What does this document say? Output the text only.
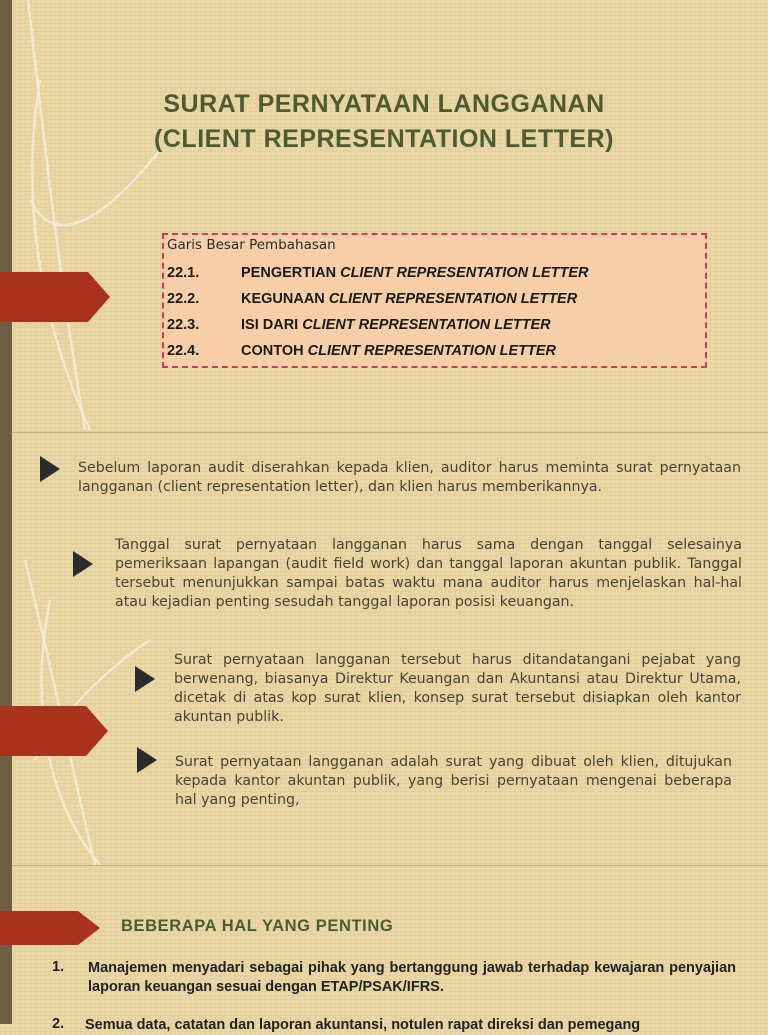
SURAT PERNYATAAN LANGGANAN
(CLIENT REPRESENTATION LETTER)
Garis Besar Pembahasan
22.1.	PENGERTIAN CLIENT REPRESENTATION LETTER
22.2.	KEGUNAAN CLIENT REPRESENTATION LETTER
22.3.	ISI DARI CLIENT REPRESENTATION LETTER
22.4.	CONTOH CLIENT REPRESENTATION LETTER

Sebelum laporan audit diserahkan kepada klien, auditor harus meminta surat pernyataan langganan (client representation letter), dan klien harus memberikannya.

Tanggal surat pernyataan langganan harus sama dengan tanggal selesainya pemeriksaan lapangan (audit field work) dan tanggal laporan akuntan publik. Tanggal tersebut menunjukkan sampai batas waktu mana auditor harus menjelaskan hal-hal atau kejadian penting sesudah tanggal laporan posisi keuangan.

Surat pernyataan langganan tersebut harus ditandatangani pejabat yang berwenang, biasanya Direktur Keuangan dan Akuntansi atau Direktur Utama, dicetak di atas kop surat klien, konsep surat tersebut disiapkan oleh kantor akuntan publik.

Surat pernyataan langganan adalah surat yang dibuat oleh klien, ditujukan kepada kantor akuntan publik, yang berisi pernyataan mengenai beberapa hal yang penting,

BEBERAPA HAL YANG PENTING
1. Manajemen menyadari sebagai pihak yang bertanggung jawab terhadap kewajaran penyajian laporan keuangan sesuai dengan ETAP/PSAK/IFRS.

2. Semua data, catatan dan laporan akuntansi, notulen rapat direksi dan pemegang
